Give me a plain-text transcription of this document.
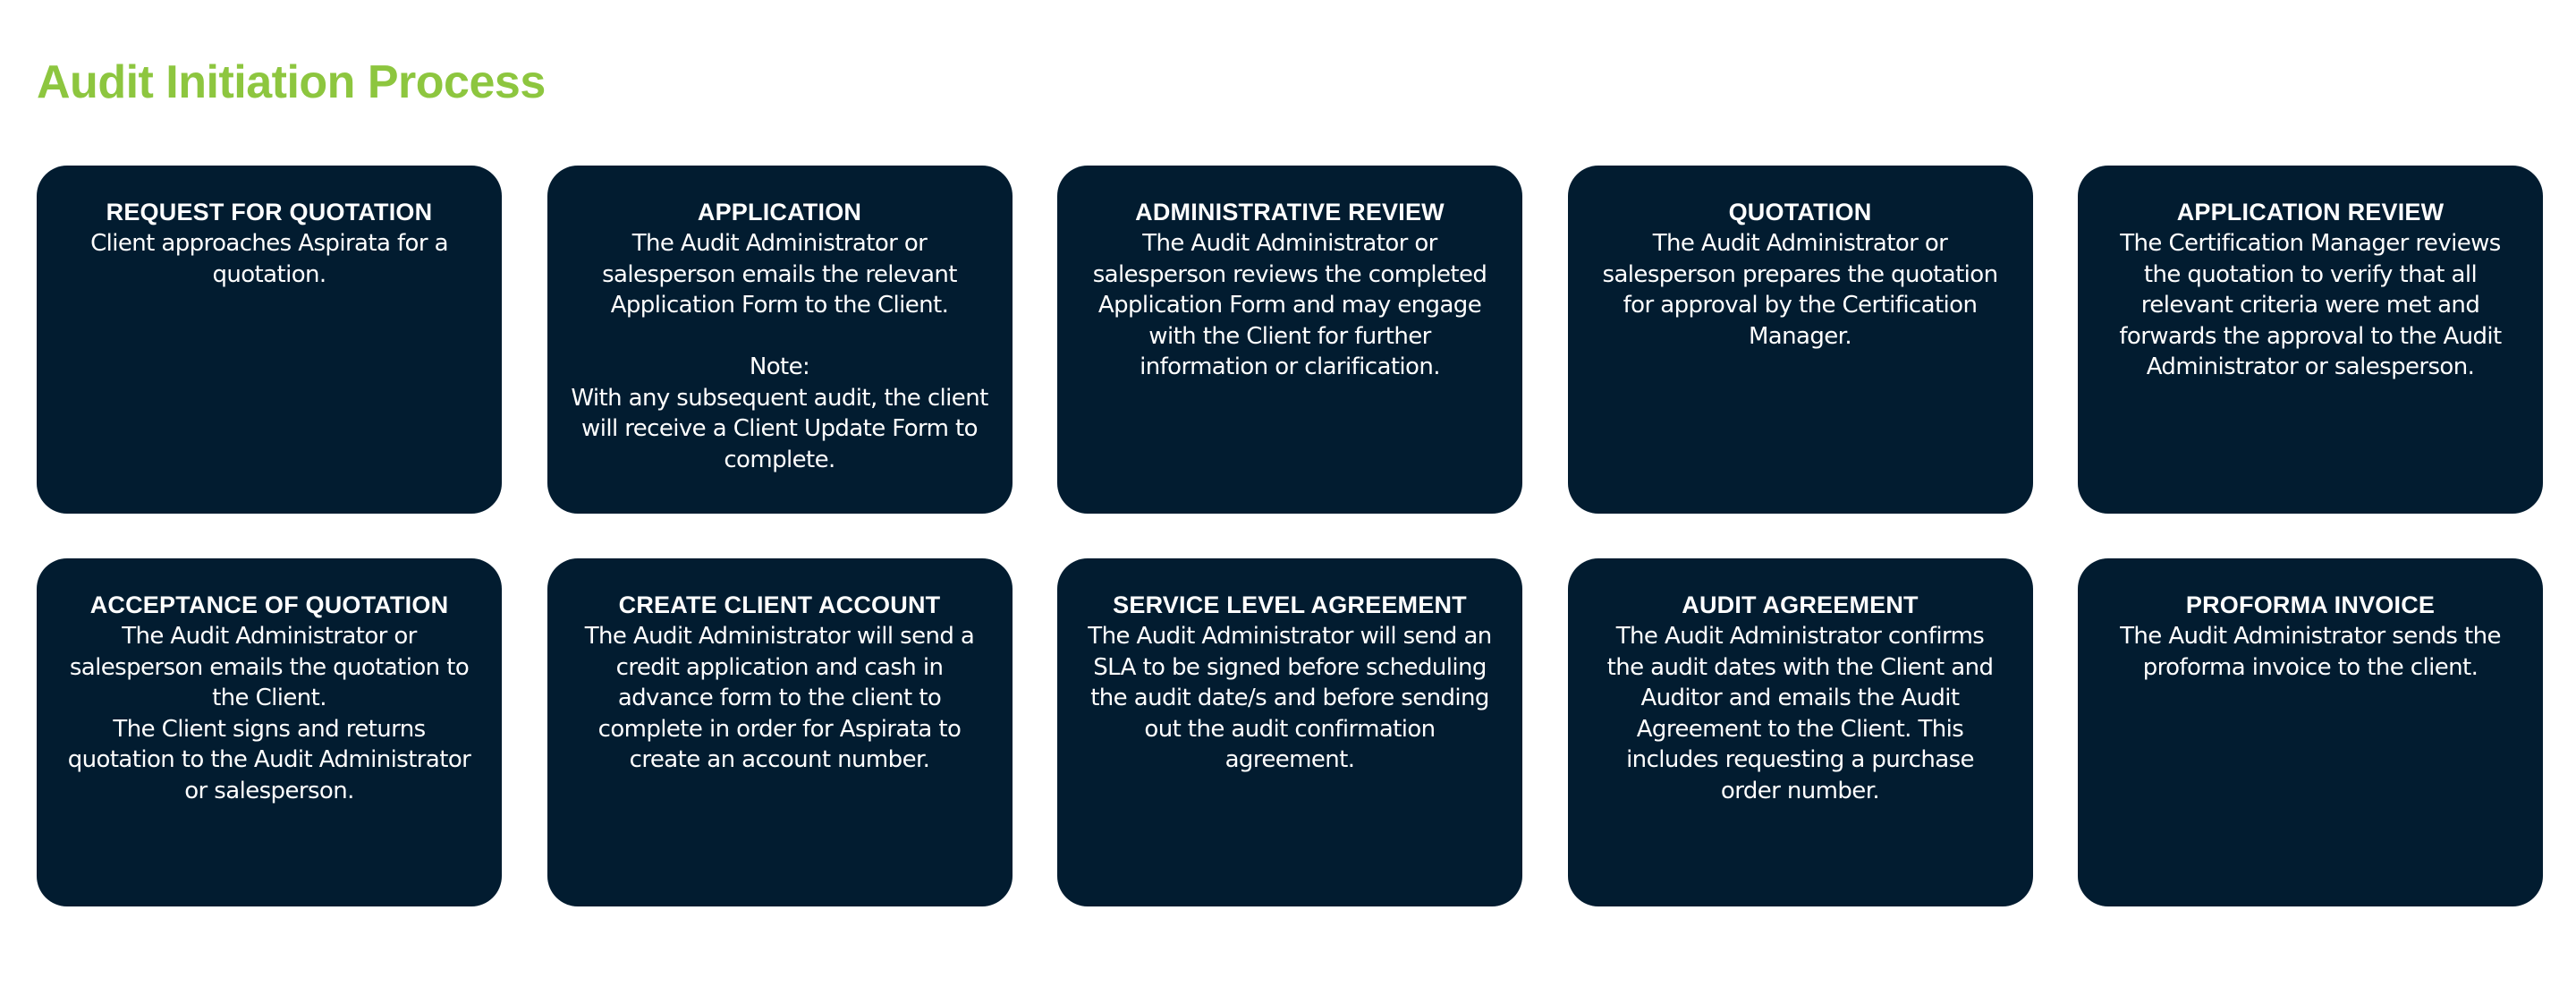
Audit Initiation Process

REQUEST FOR QUOTATION

Client approaches Aspirata for a
quotation.

APPLICATION

The Audit Administrator or
salesperson emails the relevant
Application Form to the Client.

Note:
With any subsequent audit, the client
will receive a Client Update Form to
complete.

ADMINISTRATIVE REVIEW

The Audit Administrator or
salesperson reviews the completed
Application Form and may engage
with the Client for further
information or clarification.

QUOTATION

The Audit Administrator or
salesperson prepares the quotation
for approval by the Certification
Manager.

APPLICATION REVIEW

The Certification Manager reviews
the quotation to verify that all
relevant criteria were met and
forwards the approval to the Audit
Administrator or salesperson.

ACCEPTANCE OF QUOTATION

The Audit Administrator or
salesperson emails the quotation to
the Client.
The Client signs and returns
quotation to the Audit Administrator
or salesperson.

CREATE CLIENT ACCOUNT

The Audit Administrator will send a
credit application and cash in
advance form to the client to
complete in order for Aspirata to
create an account number.

SERVICE LEVEL AGREEMENT

The Audit Administrator will send an
SLA to be signed before scheduling
the audit date/s and before sending
out the audit confirmation
agreement.

AUDIT AGREEMENT

The Audit Administrator confirms
the audit dates with the Client and
Auditor and emails the Audit
Agreement to the Client. This
includes requesting a purchase
order number.

PROFORMA INVOICE

The Audit Administrator sends the
proforma invoice to the client.
